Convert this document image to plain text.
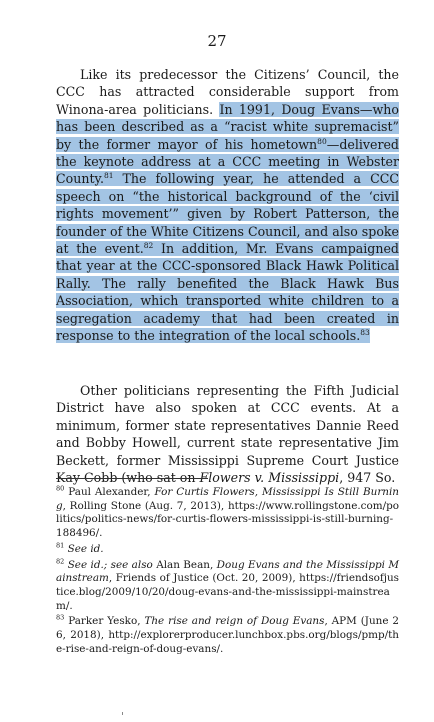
27

Like its predecessor the Citizens’ Council, the CCC has attracted considerable support from Winona-area politicians. In 1991, Doug Evans—who has been described as a “racist white supremacist” by the former mayor of his hometown$^{80}$—delivered the keynote address at a CCC meeting in Webster County.$^{81}$ The following year, he attended a CCC speech on “the historical background of the ‘civil rights movement’” given by Robert Patterson, the founder of the White Citizens Council, and also spoke at the event.$^{82}$ In addition, Mr. Evans campaigned that year at the CCC-sponsored Black Hawk Political Rally. The rally benefited the Black Hawk Bus Association, which transported white children to a segregation academy that had been created in response to the integration of the local schools.$^{83}$

Other politicians representing the Fifth Judicial District have also spoken at CCC events. At a minimum, former state representatives Dannie Reed and Bobby Howell, current state representative Jim Beckett, former Mississippi Supreme Court Justice Kay Cobb (who sat on Flowers v. Mississippi, 947 So.

$^{80}$ Paul Alexander, For Curtis Flowers, Mississippi Is Still Burning, Rolling Stone (Aug. 7, 2013), https://www.rollingstone.com/politics/politics-news/for-curtis-flowers-mississippi-is-still-burning-188496/.

$^{81}$ See id.

$^{82}$ See id.; see also Alan Bean, Doug Evans and the Mississippi Mainstream, Friends of Justice (Oct. 20, 2009), https://friendsofjustice.blog/2009/10/20/doug-evans-and-the-mississippi-mainstream/.

$^{83}$ Parker Yesko, The rise and reign of Doug Evans, APM (June 26, 2018), http://explorerproducer.lunchbox.pbs.org/blogs/pmp/the-rise-and-reign-of-doug-evans/.
